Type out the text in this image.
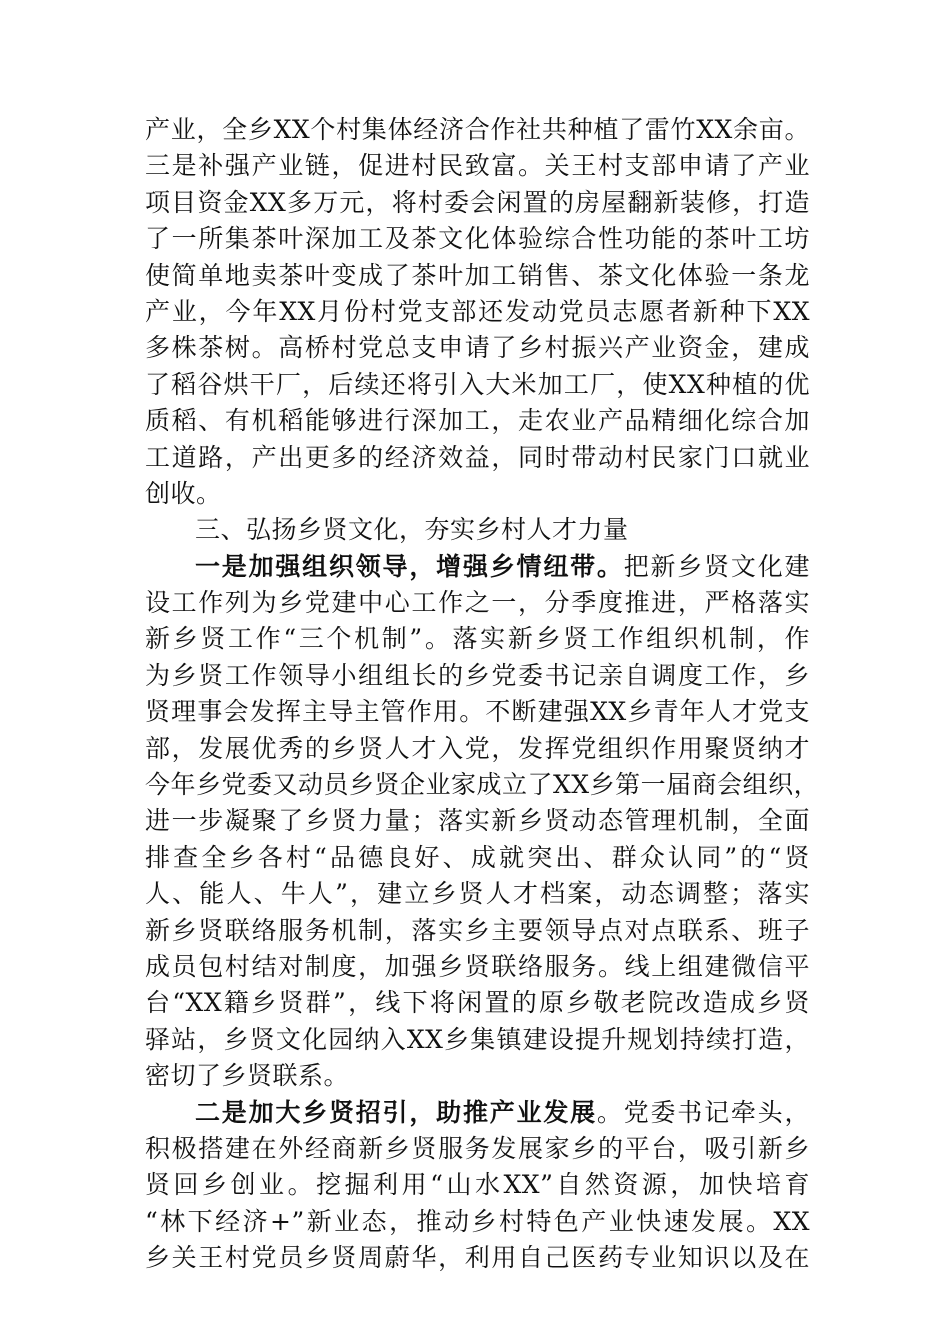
产业，全乡XX个村集体经济合作社共种植了雷竹XX余亩。
三是补强产业链，促进村民致富。关王村支部申请了产业
项目资金XX多万元，将村委会闲置的房屋翻新装修，打造
了一所集茶叶深加工及茶文化体验综合性功能的茶叶工坊
使简单地卖茶叶变成了茶叶加工销售、茶文化体验一条龙
产业，今年XX月份村党支部还发动党员志愿者新种下XX
多株茶树。高桥村党总支申请了乡村振兴产业资金，建成
了稻谷烘干厂，后续还将引入大米加工厂，使XX种植的优
质稻、有机稻能够进行深加工，走农业产品精细化综合加
工道路，产出更多的经济效益，同时带动村民家门口就业
创收。
三、弘扬乡贤文化，夯实乡村人才力量
一是加强组织领导，增强乡情纽带。把新乡贤文化建
设工作列为乡党建中心工作之一，分季度推进，严格落实
新乡贤工作“三个机制”。落实新乡贤工作组织机制，作
为乡贤工作领导小组组长的乡党委书记亲自调度工作，乡
贤理事会发挥主导主管作用。不断建强XX乡青年人才党支
部，发展优秀的乡贤人才入党，发挥党组织作用聚贤纳才
今年乡党委又动员乡贤企业家成立了XX乡第一届商会组织，
进一步凝聚了乡贤力量；落实新乡贤动态管理机制，全面
排查全乡各村“品德良好、成就突出、群众认同”的“贤
人、能人、牛人”，建立乡贤人才档案，动态调整；落实
新乡贤联络服务机制，落实乡主要领导点对点联系、班子
成员包村结对制度，加强乡贤联络服务。线上组建微信平
台“XX籍乡贤群”，线下将闲置的原乡敬老院改造成乡贤
驿站，乡贤文化园纳入XX乡集镇建设提升规划持续打造，
密切了乡贤联系。
二是加大乡贤招引，助推产业发展。党委书记牵头，
积极搭建在外经商新乡贤服务发展家乡的平台，吸引新乡
贤回乡创业。挖掘利用“山水XX”自然资源，加快培育
“林下经济+”新业态，推动乡村特色产业快速发展。XX
乡关王村党员乡贤周蔚华，利用自己医药专业知识以及在
